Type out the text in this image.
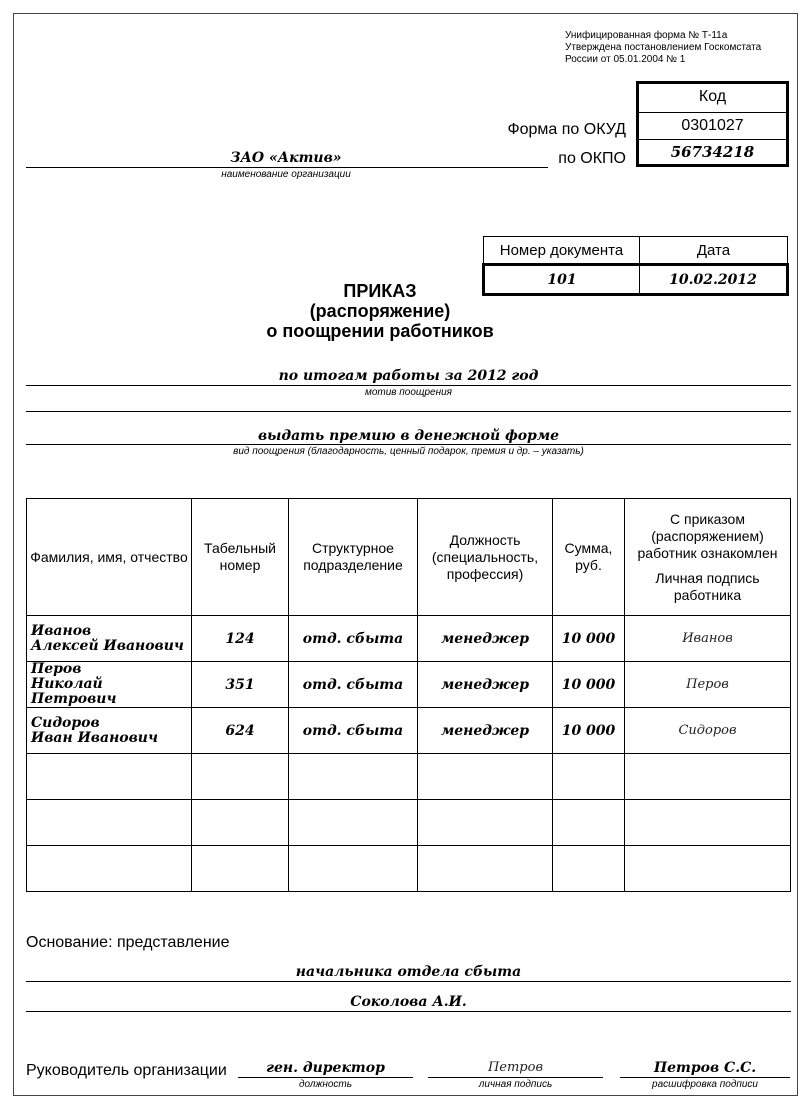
Унифицированная форма № Т-11а
Утверждена постановлением Госкомстата
России от 05.01.2004 № 1
Код
0301027
56734218
Форма по ОКУД
по ОКПО
ЗАО «Актив»
наименование организации
Номер документа	Дата
101	10.02.2012
ПРИКАЗ
(распоряжение)
о поощрении работников
по итогам работы за 2012 год
мотив поощрения
выдать премию в денежной форме
вид поощрения (благодарность, ценный подарок, премия и др. – указать)
Фамилия, имя, отчество	Табельный номер	Структурное подразделение	Должность (специальность, профессия)	Сумма, руб.	С приказом (распоряжением) работник ознакомлен
Личная подпись работника

Иванов
Алексей Иванович	124	отд. сбыта	менеджер	10 000	Иванов

Перов
Николай Петрович	351	отд. сбыта	менеджер	10 000	Перов

Сидоров
Иван Иванович	624	отд. сбыта	менеджер	10 000	Сидоров

Основание: представление
начальника отдела сбыта
Соколова А.И.
Руководитель организации	ген. директор
должность
Петров
личная подпись
Петров С.С.
расшифровка подписи
